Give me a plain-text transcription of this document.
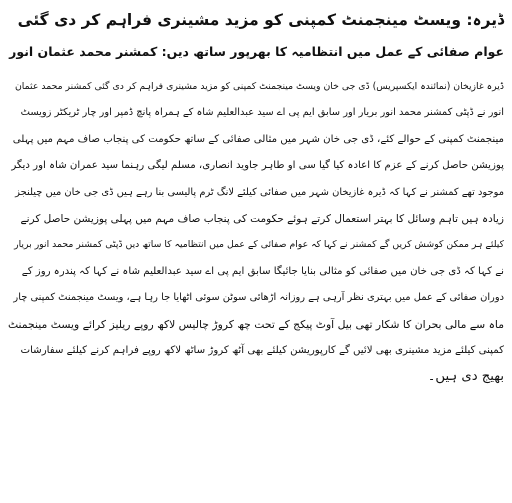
ڈیرہ: ویسٹ مینجمنٹ کمپنی کو مزید مشینری فراہم کر دی گئی
عوام صفائی کے عمل میں انتظامیہ کا بھرپور ساتھ دیں: کمشنر محمد عثمان انور
ڈیرہ غازیخان (نمائندہ ایکسپریس) ڈی جی خان ویسٹ مینجمنٹ کمپنی کو مزید مشینری فراہم کر دی گئی کمشنر محمد عثمان
انور نے ڈپٹی کمشنر محمد انور بریار اور سابق ایم پی اے سید عبدالعلیم شاہ کے ہمراہ پانچ ڈمپر اور چار ٹریکٹر زویسٹ
مینجمنٹ کمپنی کے حوالے کئے، ڈی جی خان شہر میں مثالی صفائی کے ساتھ حکومت کی پنجاب صاف مہم میں پہلی
پوزیشن حاصل کرنے کے عزم کا اعادہ کیا گیا سی او طاہر جاوید انصاری، مسلم لیگی رہنما سید عمران شاہ اور دیگر
موجود تھے کمشنر نے کہا کہ ڈیرہ غازیخان شہر میں صفائی کیلئے لانگ ٹرم پالیسی بنا رہے ہیں ڈی جی خان میں چیلنجز
زیادہ ہیں تاہم وسائل کا بہتر استعمال کرتے ہوئے حکومت کی پنجاب صاف مہم میں پہلی پوزیشن حاصل کرنے
کیلئے ہر ممکن کوشش کریں گے کمشنر نے کہا کہ عوام صفائی کے عمل میں انتظامیہ کا ساتھ دیں ڈپٹی کمشنر محمد انور بریار
نے کہا کہ ڈی جی خان میں صفائی کو مثالی بنایا جائیگا سابق ایم پی اے سید عبدالعلیم شاہ نے کہا کہ پندرہ روز کے
دوران صفائی کے عمل میں بہتری نظر آرہی ہے روزانہ اڑھائی سوٹن سوئی اٹھایا جا رہا ہے، ویسٹ مینجمنٹ کمپنی چار
ماہ سے مالی بحران کا شکار تھی بیل آوٹ پیکج کے تحت چھ کروڑ چالیس لاکھ روپے ریلیز کرائے ویسٹ مینجمنٹ
کمپنی کیلئے مزید مشینری بھی لائیں گے کارپوریشن کیلئے بھی آٹھ کروڑ ساٹھ لاکھ روپے فراہم کرنے کیلئے سفارشات
بھیج دی ہیں۔
